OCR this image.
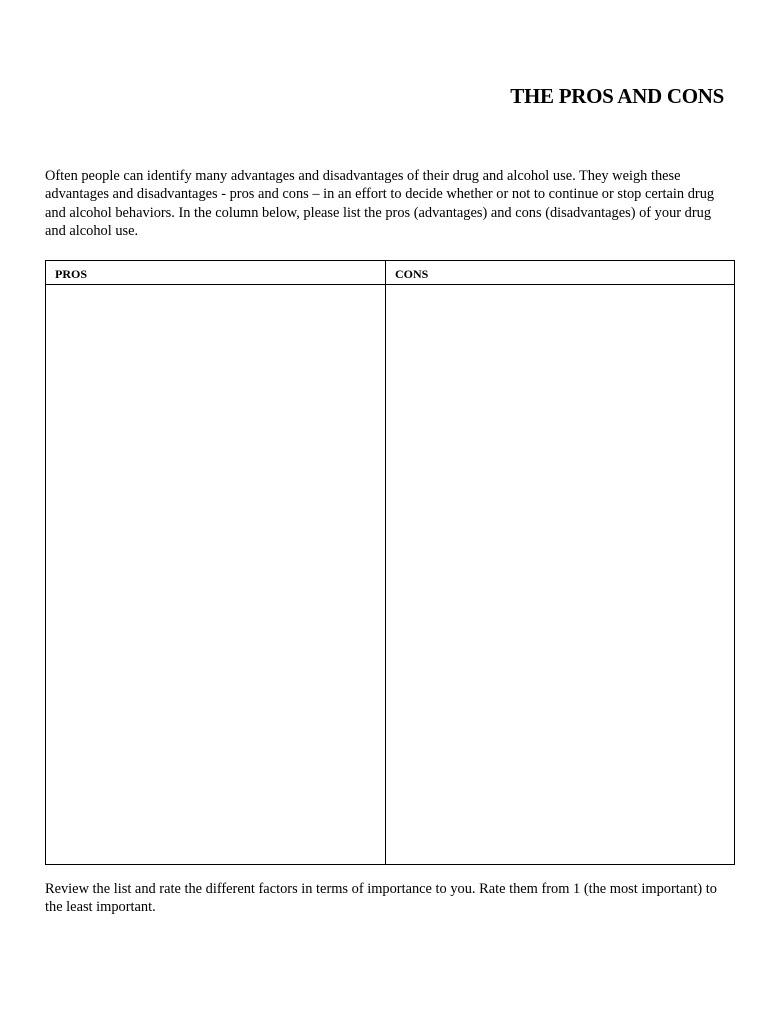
THE PROS AND CONS

Often people can identify many advantages and disadvantages of their drug and alcohol use. They weigh these advantages and disadvantages - pros and cons – in an effort to decide whether or not to continue or stop certain drug and alcohol behaviors. In the column below, please list the pros (advantages) and cons (disadvantages) of your drug and alcohol use.

PROS	CONS

Review the list and rate the different factors in terms of importance to you. Rate them from 1 (the most important) to the least important.
